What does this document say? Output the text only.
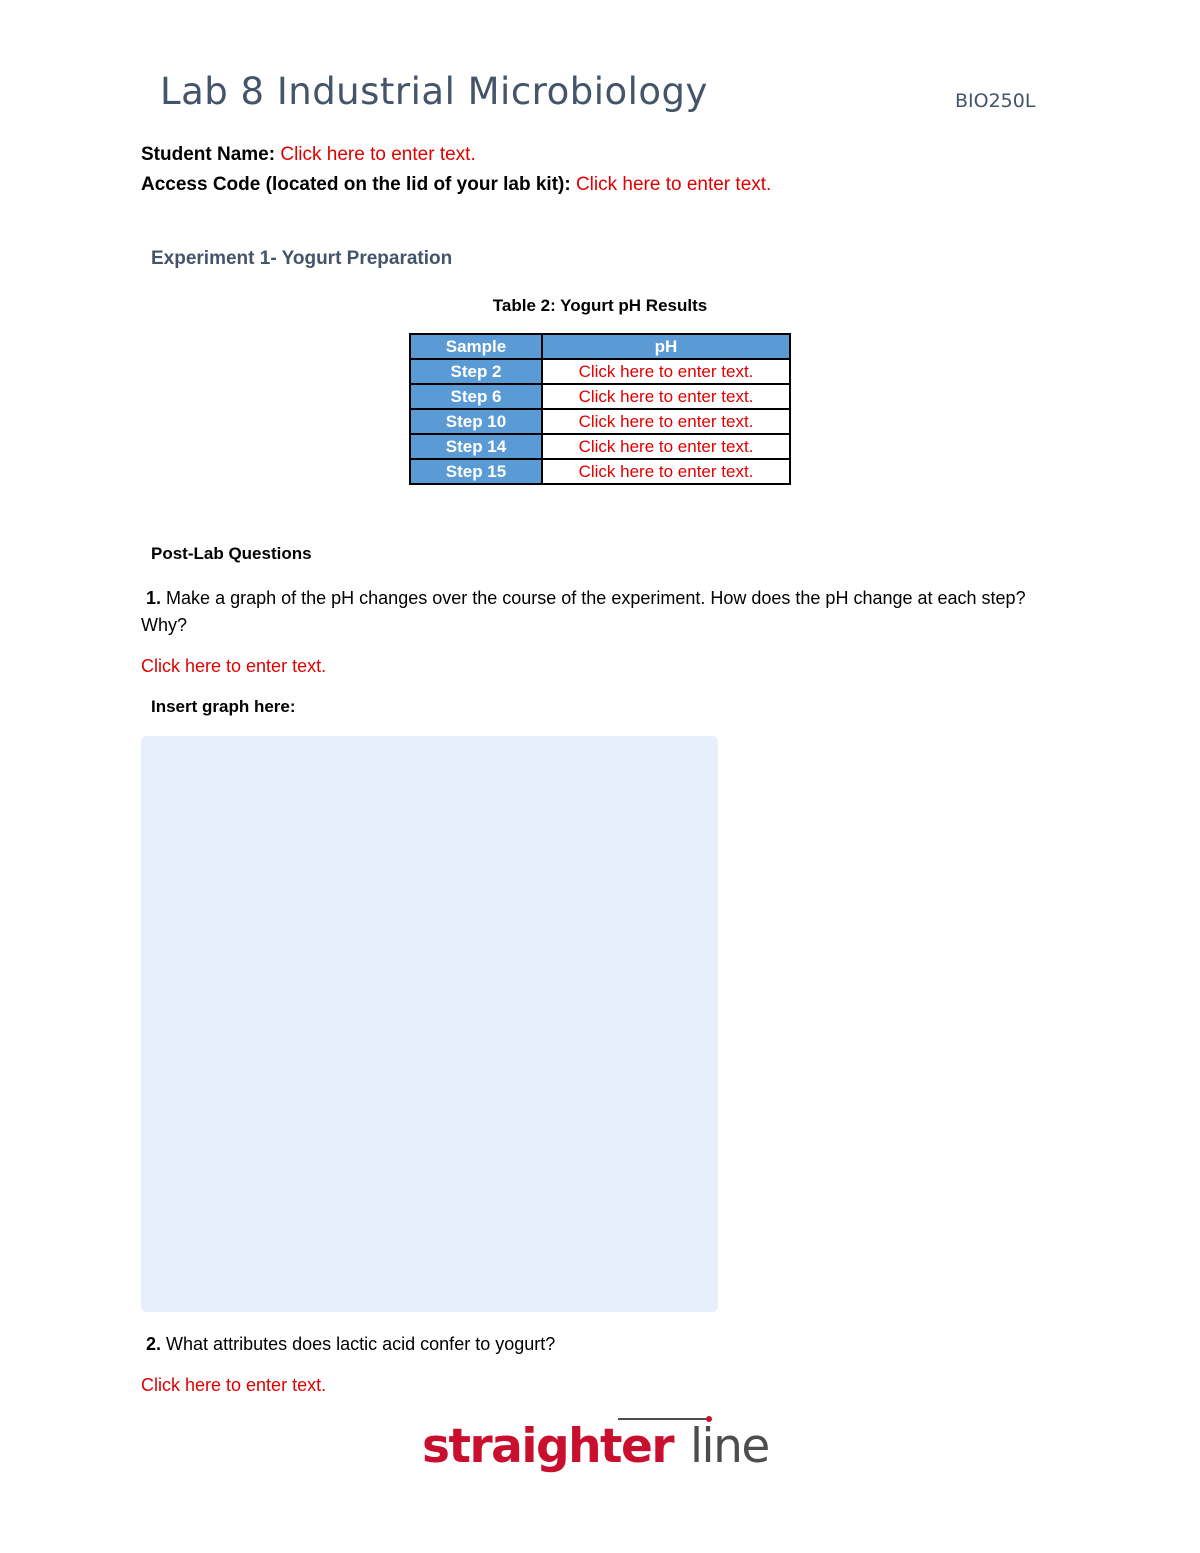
Lab 8 Industrial Microbiology	BIO250L
Student Name: Click here to enter text.
Access Code (located on the lid of your lab kit): Click here to enter text.
Experiment 1- Yogurt Preparation
Table 2: Yogurt pH Results
Sample	pH
Step 2	Click here to enter text.
Step 6	Click here to enter text.
Step 10	Click here to enter text.
Step 14	Click here to enter text.
Step 15	Click here to enter text.
Post-Lab Questions
1. Make a graph of the pH changes over the course of the experiment. How does the pH change at each step? Why?
Click here to enter text.
Insert graph here:
2. What attributes does lactic acid confer to yogurt?
Click here to enter text.
straighter line
